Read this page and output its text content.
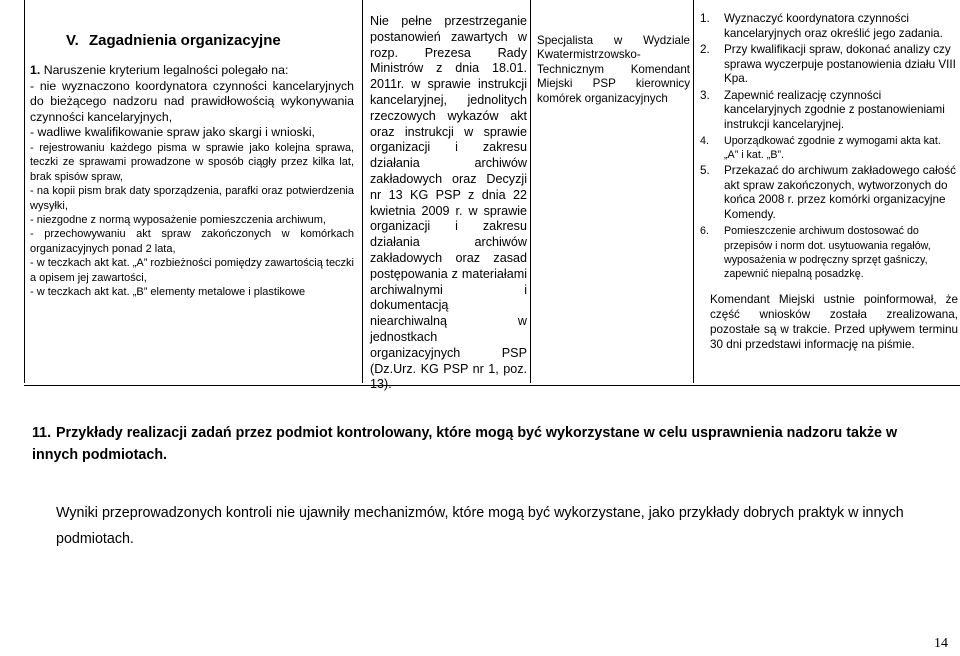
V. Zagadnienia organizacyjne
1. Naruszenie kryterium legalności polegało na:
- nie wyznaczono koordynatora czynności kancelaryjnych do bieżącego nadzoru nad prawidłowością wykonywania czynności kancelaryjnych,
- wadliwe kwalifikowanie spraw jako skargi i wnioski,
- rejestrowaniu każdego pisma w sprawie jako kolejna sprawa, teczki ze sprawami prowadzone w sposób ciągły przez kilka lat, brak spisów spraw,
- na kopii pism brak daty sporządzenia, parafki oraz potwierdzenia wysyłki,
- niezgodne z normą wyposażenie pomieszczenia archiwum,
- przechowywaniu akt spraw zakończonych w komórkach organizacyjnych ponad 2 lata,
- w teczkach akt kat. „A” rozbieżności pomiędzy zawartością teczki a opisem jej zawartości,
- w teczkach akt kat. „B” elementy metalowe i plastikowe

Nie pełne przestrzeganie postanowień zawartych w rozp. Prezesa Rady Ministrów z dnia 18.01. 2011r. w sprawie instrukcji kancelaryjnej, jednolitych rzeczowych wykazów akt oraz instrukcji w sprawie organizacji i zakresu działania archiwów zakładowych oraz Decyzji nr 13 KG PSP z dnia 22 kwietnia 2009 r. w sprawie organizacji i zakresu działania archiwów zakładowych oraz zasad postępowania z materiałami archiwalnymi i dokumentacją niearchiwalną w jednostkach organizacyjnych PSP (Dz.Urz. KG PSP nr 1, poz. 13).

Specjalista w Wydziale Kwatermistrzowsko-Technicznym Komendant Miejski PSP kierownicy komórek organizacyjnych

1. Wyznaczyć koordynatora czynności kancelaryjnych oraz określić jego zadania.
2. Przy kwalifikacji spraw, dokonać analizy czy sprawa wyczerpuje postanowienia działu VIII Kpa.
3. Zapewnić realizację czynności kancelaryjnych zgodnie z postanowieniami instrukcji kancelaryjnej.
4. Uporządkować zgodnie z wymogami akta kat. „A” i kat. „B”.
5. Przekazać do archiwum zakładowego całość akt spraw zakończonych, wytworzonych do końca 2008 r. przez komórki organizacyjne Komendy.
6. Pomieszczenie archiwum dostosować do przepisów i norm dot. usytuowania regałów, wyposażenia w podręczny sprzęt gaśniczy, zapewnić niepalną posadzkę.
Komendant Miejski ustnie poinformował, że część wniosków została zrealizowana, pozostałe są w trakcie. Przed upływem terminu 30 dni przedstawi informację na piśmie.
11. Przykłady realizacji zadań przez podmiot kontrolowany, które mogą być wykorzystane w celu usprawnienia nadzoru także w innych podmiotach.
Wyniki przeprowadzonych kontroli nie ujawniły mechanizmów, które mogą być wykorzystane, jako przykłady dobrych praktyk w innych podmiotach.
14
